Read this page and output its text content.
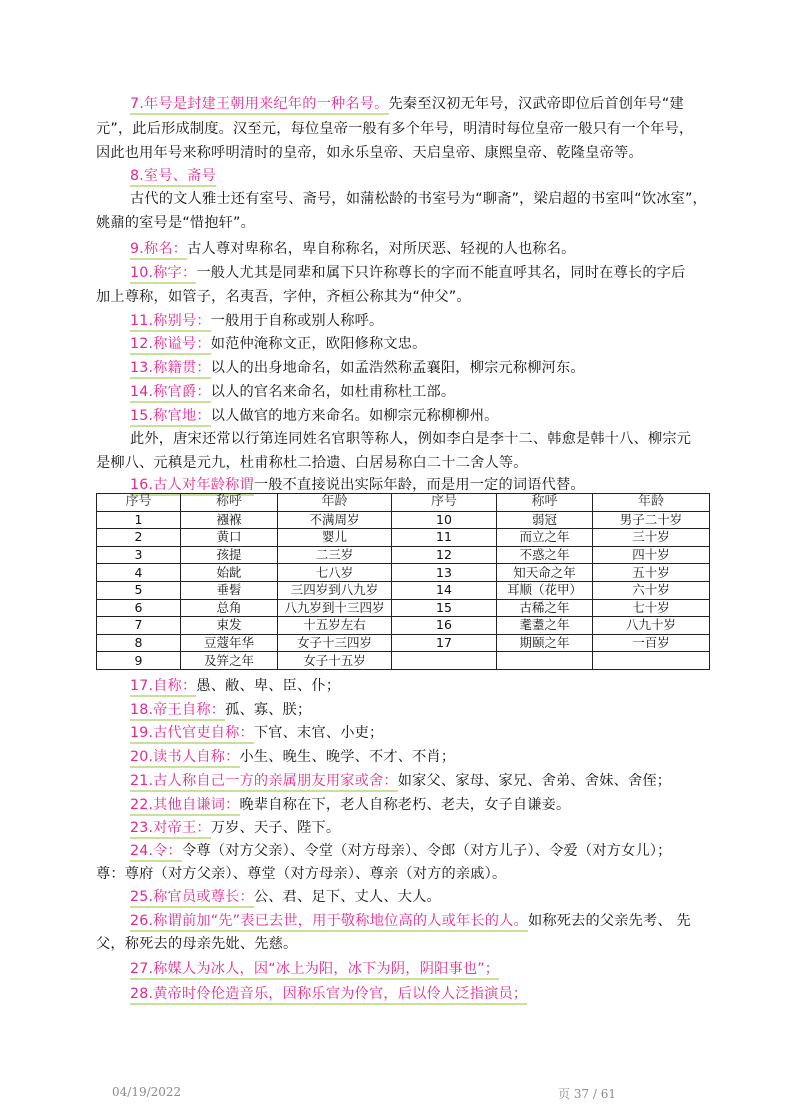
7.年号是封建王朝用来纪年的一种名号。先秦至汉初无年号，汉武帝即位后首创年号“建
元”，此后形成制度。汉至元，每位皇帝一般有多个年号，明清时每位皇帝一般只有一个年号，
因此也用年号来称呼明清时的皇帝，如永乐皇帝、天启皇帝、康熙皇帝、乾隆皇帝等。
8.室号、斋号
古代的文人雅士还有室号、斋号，如蒲松龄的书室号为“聊斋”，梁启超的书室叫“饮冰室”，
姚鼐的室号是“惜抱轩”。
9.称名：古人尊对卑称名，卑自称称名，对所厌恶、轻视的人也称名。
10.称字：一般人尤其是同辈和属下只许称尊长的字而不能直呼其名，同时在尊长的字后
加上尊称，如管子，名夷吾，字仲，齐桓公称其为“仲父”。
11.称别号：一般用于自称或别人称呼。
12.称谥号：如范仲淹称文正，欧阳修称文忠。
13.称籍贯：以人的出身地命名，如孟浩然称孟襄阳，柳宗元称柳河东。
14.称官爵：以人的官名来命名，如杜甫称杜工部。
15.称官地：以人做官的地方来命名。如柳宗元称柳柳州。
此外，唐宋还常以行第连同姓名官职等称人，例如李白是李十二、韩愈是韩十八、柳宗元
是柳八、元稹是元九，杜甫称杜二拾遗、白居易称白二十二舍人等。
16.古人对年龄称谓一般不直接说出实际年龄，而是用一定的词语代替。
序号	称呼	年龄	序号	称呼	年龄
1	襁褓	不满周岁	10	弱冠	男子二十岁
2	黄口	婴儿	11	而立之年	三十岁
3	孩提	二三岁	12	不惑之年	四十岁
4	始龀	七八岁	13	知天命之年	五十岁
5	垂髫	三四岁到八九岁	14	耳顺（花甲）	六十岁
6	总角	八九岁到十三四岁	15	古稀之年	七十岁
7	束发	十五岁左右	16	耄耋之年	八九十岁
8	豆蔻年华	女子十三四岁	17	期颐之年	一百岁
9	及笄之年	女子十五岁			
17.自称：愚、敝、卑、臣、仆；
18.帝王自称：孤、寡、朕；
19.古代官吏自称：下官、末官、小吏；
20.读书人自称：小生、晚生、晚学、不才、不肖；
21.古人称自己一方的亲属朋友用家或舍：如家父、家母、家兄、舍弟、舍妹、舍侄；
22.其他自谦词：晚辈自称在下，老人自称老朽、老夫，女子自谦妾。
23.对帝王：万岁、天子、陛下。
24.令：令尊（对方父亲）、令堂（对方母亲）、令郎（对方儿子）、令爱（对方女儿）；
尊：尊府（对方父亲）、尊堂（对方母亲）、尊亲（对方的亲戚）。
25.称官员或尊长：公、君、足下、丈人、大人。
26.称谓前加“先”表已去世，用于敬称地位高的人或年长的人。如称死去的父亲先考、 先
父，称死去的母亲先妣、先慈。
27.称媒人为冰人，因“冰上为阳，冰下为阴，阴阳事也”；
28.黄帝时伶伦造音乐，因称乐官为伶官，后以伶人泛指演员；
04/19/2022	页 37 / 61
